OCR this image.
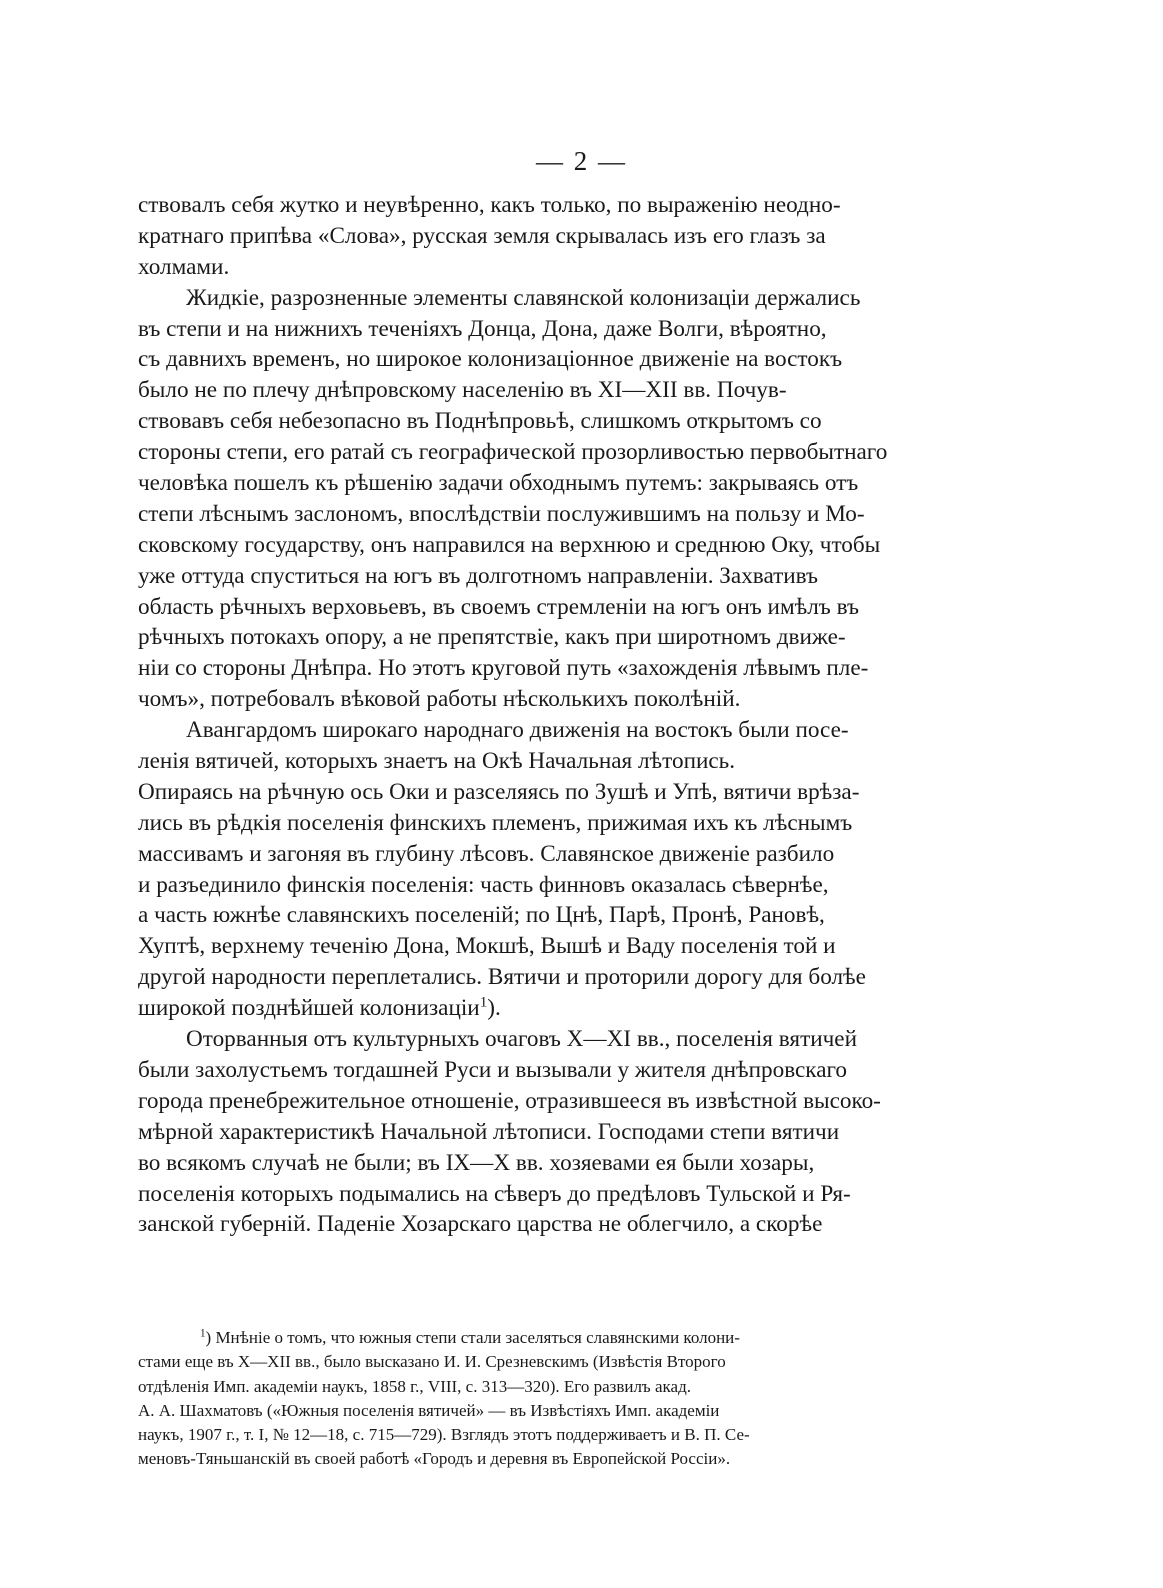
— 2 —
ствовалъ себя жутко и неувѣренно, какъ только, по выраженію неодно-
кратнаго припѣва «Слова», русская земля скрывалась изъ его глазъ за
холмами.
Жидкіе, разрозненные элементы славянской колонизаціи держались
въ степи и на нижнихъ теченіяхъ Донца, Дона, даже Волги, вѣроятно,
съ давнихъ временъ, но широкое колонизаціонное движеніе на востокъ
было не по плечу днѣпровскому населенію въ XI—XII вв. Почув-
ствовавъ себя небезопасно въ Поднѣпровьѣ, слишкомъ открытомъ со
стороны степи, его ратай съ географической прозорливостью первобытнаго
человѣка пошелъ къ рѣшенію задачи обходнымъ путемъ: закрываясь отъ
степи лѣснымъ заслономъ, впослѣдствіи послужившимъ на пользу и Мо-
сковскому государству, онъ направился на верхнюю и среднюю Оку, чтобы
уже оттуда спуститься на югъ въ долготномъ направленіи. Захвативъ
область рѣчныхъ верховьевъ, въ своемъ стремленіи на югъ онъ имѣлъ въ
рѣчныхъ потокахъ опору, а не препятствіе, какъ при широтномъ движе-
ніи со стороны Днѣпра. Но этотъ круговой путь «захожденія лѣвымъ пле-
чомъ», потребовалъ вѣковой работы нѣсколькихъ поколѣній.
Авангардомъ широкаго народнаго движенія на востокъ были посе-
ленія вятичей, которыхъ знаетъ на Окѣ Начальная лѣтопись.
Опираясь на рѣчную ось Оки и разселяясь по Зушѣ и Упѣ, вятичи врѣза-
лись въ рѣдкія поселенія финскихъ племенъ, прижимая ихъ къ лѣснымъ
массивамъ и загоняя въ глубину лѣсовъ. Славянское движеніе разбило
и разъединило финскія поселенія: часть финновъ оказалась сѣвернѣе,
а часть южнѣе славянскихъ поселеній; по Цнѣ, Парѣ, Пронѣ, Рановѣ,
Хуптѣ, верхнему теченію Дона, Мокшѣ, Вышѣ и Ваду поселенія той и
другой народности переплетались. Вятичи и проторили дорогу для болѣе
широкой позднѣйшей колонизаціи$^1$).
Оторванныя отъ культурныхъ очаговъ X—XI вв., поселенія вятичей
были захолустьемъ тогдашней Руси и вызывали у жителя днѣпровскаго
города пренебрежительное отношеніе, отразившееся въ извѣстной высоко-
мѣрной характеристикѣ Начальной лѣтописи. Господами степи вятичи
во всякомъ случаѣ не были; въ IX—X вв. хозяевами ея были хозары,
поселенія которыхъ подымались на сѣверъ до предѣловъ Тульской и Ря-
занской губерній. Паденіе Хозарскаго царства не облегчило, а скорѣе
$^1$) Мнѣніе о томъ, что южныя степи стали заселяться славянскими колони-
стами еще въ X—XII вв., было высказано И. И. Срезневскимъ (Извѣстія Второго
отдѣленія Имп. академіи наукъ, 1858 г., VIII, с. 313—320). Его развилъ акад.
А. А. Шахматовъ («Южныя поселенія вятичей» — въ Извѣстіяхъ Имп. академіи
наукъ, 1907 г., т. I, № 12—18, с. 715—729). Взглядъ этотъ поддерживаетъ и В. П. Се-
меновъ-Тяньшанскій въ своей работѣ «Городъ и деревня въ Европейской Россіи».
